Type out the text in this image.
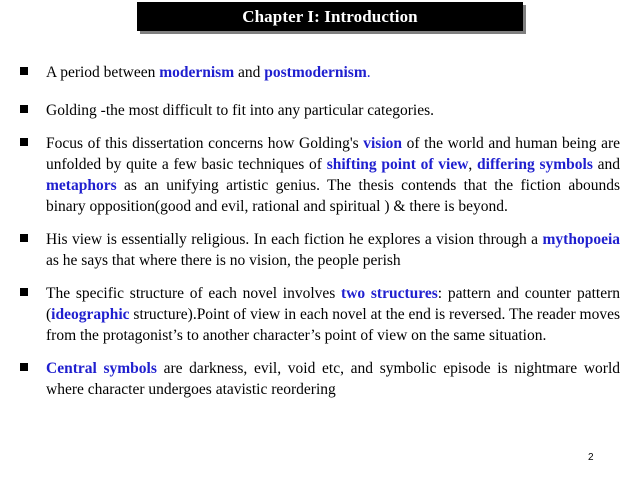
Chapter I: Introduction
A period between modernism and postmodernism.
Golding -the most difficult to fit into any particular categories.
Focus of this dissertation concerns how Golding's vision of the world and human being are unfolded by quite a few basic techniques of shifting point of view, differing symbols and metaphors as an unifying artistic genius. The thesis contends that the fiction abounds binary opposition(good and evil, rational and spiritual ) & there is beyond.
His view is essentially religious. In each fiction he explores a vision through a mythopoeia as he says that where there is no vision, the people perish
The specific structure of each novel involves two structures: pattern and counter pattern (ideographic structure).Point of view in each novel at the end is reversed. The reader moves from the protagonist’s to another character’s point of view on the same situation.
Central symbols are darkness, evil, void etc, and symbolic episode is nightmare world where character undergoes atavistic reordering
2
